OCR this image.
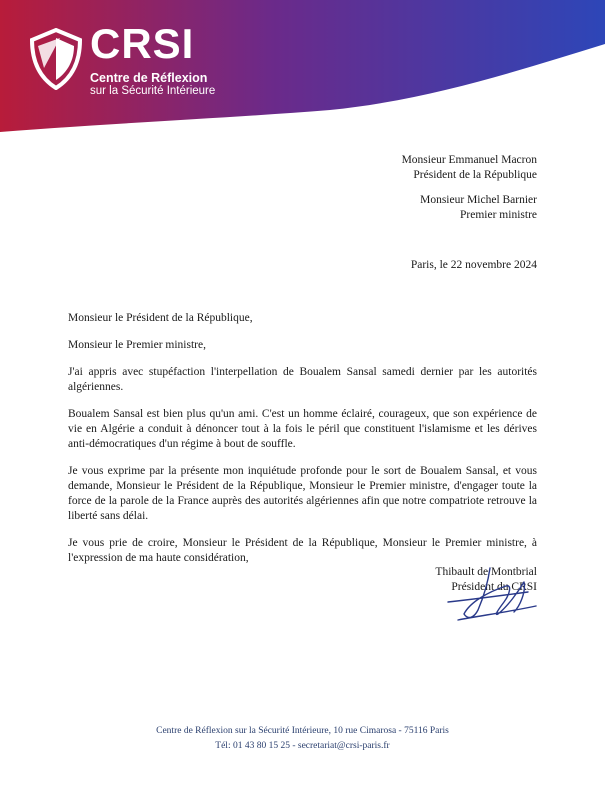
CRSI
Centre de Réflexion
sur la Sécurité Intérieure
Monsieur Emmanuel Macron
Président de la République
Monsieur Michel Barnier
Premier ministre
Paris, le 22 novembre 2024

Monsieur le Président de la République,

Monsieur le Premier ministre,

J'ai appris avec stupéfaction l'interpellation de Boualem Sansal samedi dernier par les autorités algériennes.

Boualem Sansal est bien plus qu'un ami. C'est un homme éclairé, courageux, que son expérience de vie en Algérie a conduit à dénoncer tout à la fois le péril que constituent l'islamisme et les dérives anti-démocratiques d'un régime à bout de souffle.

Je vous exprime par la présente mon inquiétude profonde pour le sort de Boualem Sansal, et vous demande, Monsieur le Président de la République, Monsieur le Premier ministre, d'engager toute la force de la parole de la France auprès des autorités algériennes afin que notre compatriote retrouve la liberté sans délai.

Je vous prie de croire, Monsieur le Président de la République, Monsieur le Premier ministre, à l'expression de ma haute considération,

Thibault de Montbrial
Président du CRSI
Centre de Réflexion sur la Sécurité Intérieure, 10 rue Cimarosa - 75116 Paris
Tél: 01 43 80 15 25 - secretariat@crsi-paris.fr
